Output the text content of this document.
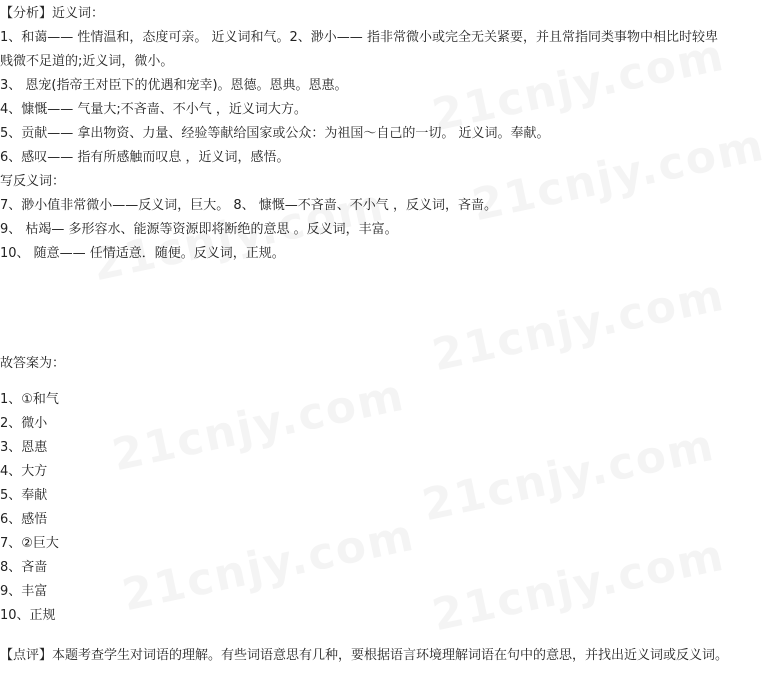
【分析】近义词：
1、和蔼—— 性情温和，态度可亲。 近义词和气。2、渺小—— 指非常微小或完全无关紧要，并且常指同类事物中相比时较卑
贱微不足道的;近义词，微小。
3、 恩宠(指帝王对臣下的优遇和宠幸)。恩德。恩典。恩惠。
4、慷慨—— 气量大;不吝啬、不小气 ，近义词大方。
5、贡献—— 拿出物资、力量、经验等献给国家或公众：为祖国～自己的一切。 近义词。奉献。
6、感叹—— 指有所感触而叹息 ，近义词，感悟。
写反义词：
7、渺小值非常微小——反义词，巨大。 8、 慷慨—不吝啬、不小气 ，反义词，吝啬。
9、 枯竭— 多形容水、能源等资源即将断绝的意思 。反义词，丰富。
10、 随意—— 任情适意．随便。反义词，正规。
故答案为：
1、①和气
2、微小
3、恩惠
4、大方
5、奉献
6、感悟
7、②巨大
8、吝啬
9、丰富
10、正规
【点评】本题考查学生对词语的理解。有些词语意思有几种，要根据语言环境理解词语在句中的意思，并找出近义词或反义词。
